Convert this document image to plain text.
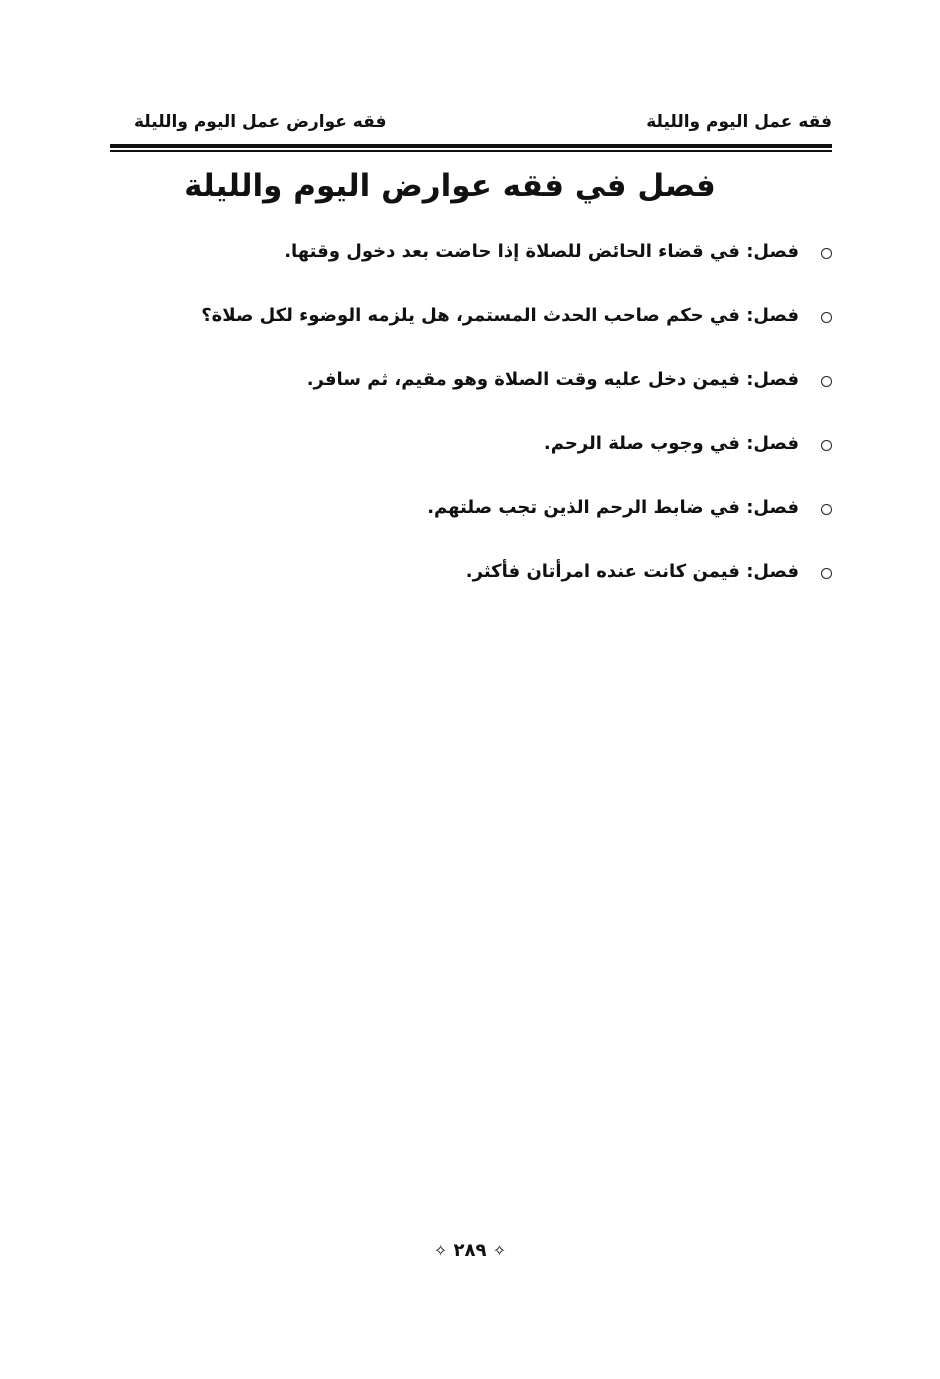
فقه عمل اليوم والليلة
فقه عوارض عمل اليوم والليلة
فصل في فقه عوارض اليوم والليلة
فصل: في قضاء الحائض للصلاة إذا حاضت بعد دخول وقتها.
فصل: في حكم صاحب الحدث المستمر، هل يلزمه الوضوء لكل صلاة؟
فصل: فيمن دخل عليه وقت الصلاة وهو مقيم، ثم سافر.
فصل: في وجوب صلة الرحم.
فصل: في ضابط الرحم الذين تجب صلتهم.
فصل: فيمن كانت عنده امرأتان فأكثر.
✧ ٢٨٩ ✧
